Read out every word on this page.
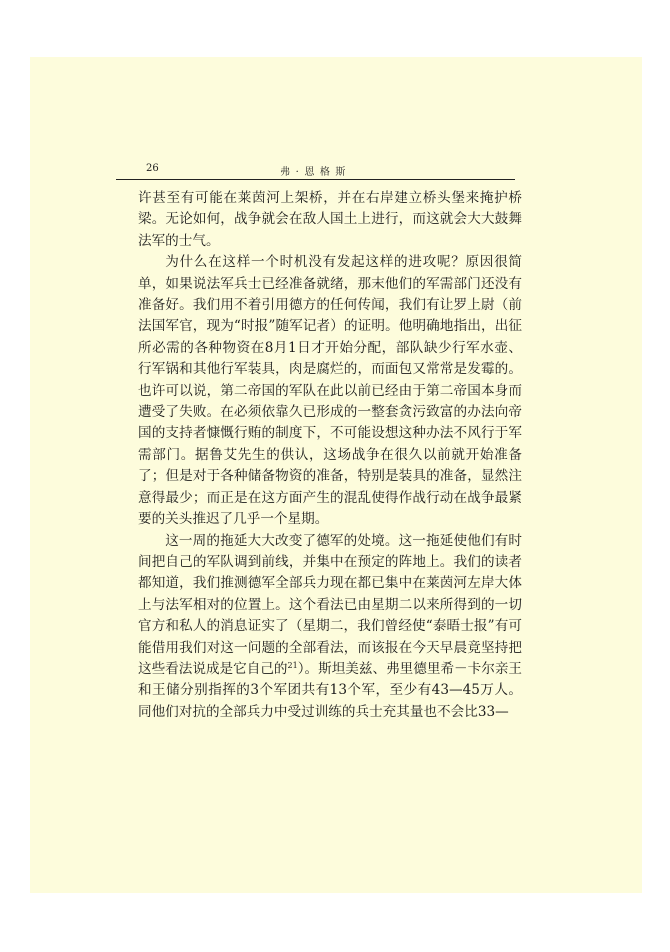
26	弗·恩格斯

许甚至有可能在莱茵河上架桥，并在右岸建立桥头堡来掩护桥梁。无论如何，战争就会在敌人国土上进行，而这就会大大鼓舞法军的士气。

为什么在这样一个时机没有发起这样的进攻呢？原因很简单，如果说法军兵士已经准备就绪，那末他们的军需部门还没有准备好。我们用不着引用德方的任何传闻，我们有让罗上尉（前法国军官，现为“时报”随军记者）的证明。他明确地指出，出征所必需的各种物资在8月1日才开始分配，部队缺少行军水壶、行军锅和其他行军装具，肉是腐烂的，而面包又常常是发霉的。也许可以说，第二帝国的军队在此以前已经由于第二帝国本身而遭受了失败。在必须依靠久已形成的一整套贪污致富的办法向帝国的支持者慷慨行贿的制度下，不可能设想这种办法不风行于军需部门。据鲁艾先生的供认，这场战争在很久以前就开始准备了；但是对于各种储备物资的准备，特别是装具的准备，显然注意得最少；而正是在这方面产生的混乱使得作战行动在战争最紧要的关头推迟了几乎一个星期。

这一周的拖延大大改变了德军的处境。这一拖延使他们有时间把自己的军队调到前线，并集中在预定的阵地上。我们的读者都知道，我们推测德军全部兵力现在都已集中在莱茵河左岸大体上与法军相对的位置上。这个看法已由星期二以来所得到的一切官方和私人的消息证实了（星期二，我们曾经使“泰晤士报”有可能借用我们对这一问题的全部看法，而该报在今天早晨竟坚持把这些看法说成是它自己的$^{21}$）。斯坦美兹、弗里德里希－卡尔亲王和王储分别指挥的3个军团共有13个军，至少有43—45万人。同他们对抗的全部兵力中受过训练的兵士充其量也不会比33—
